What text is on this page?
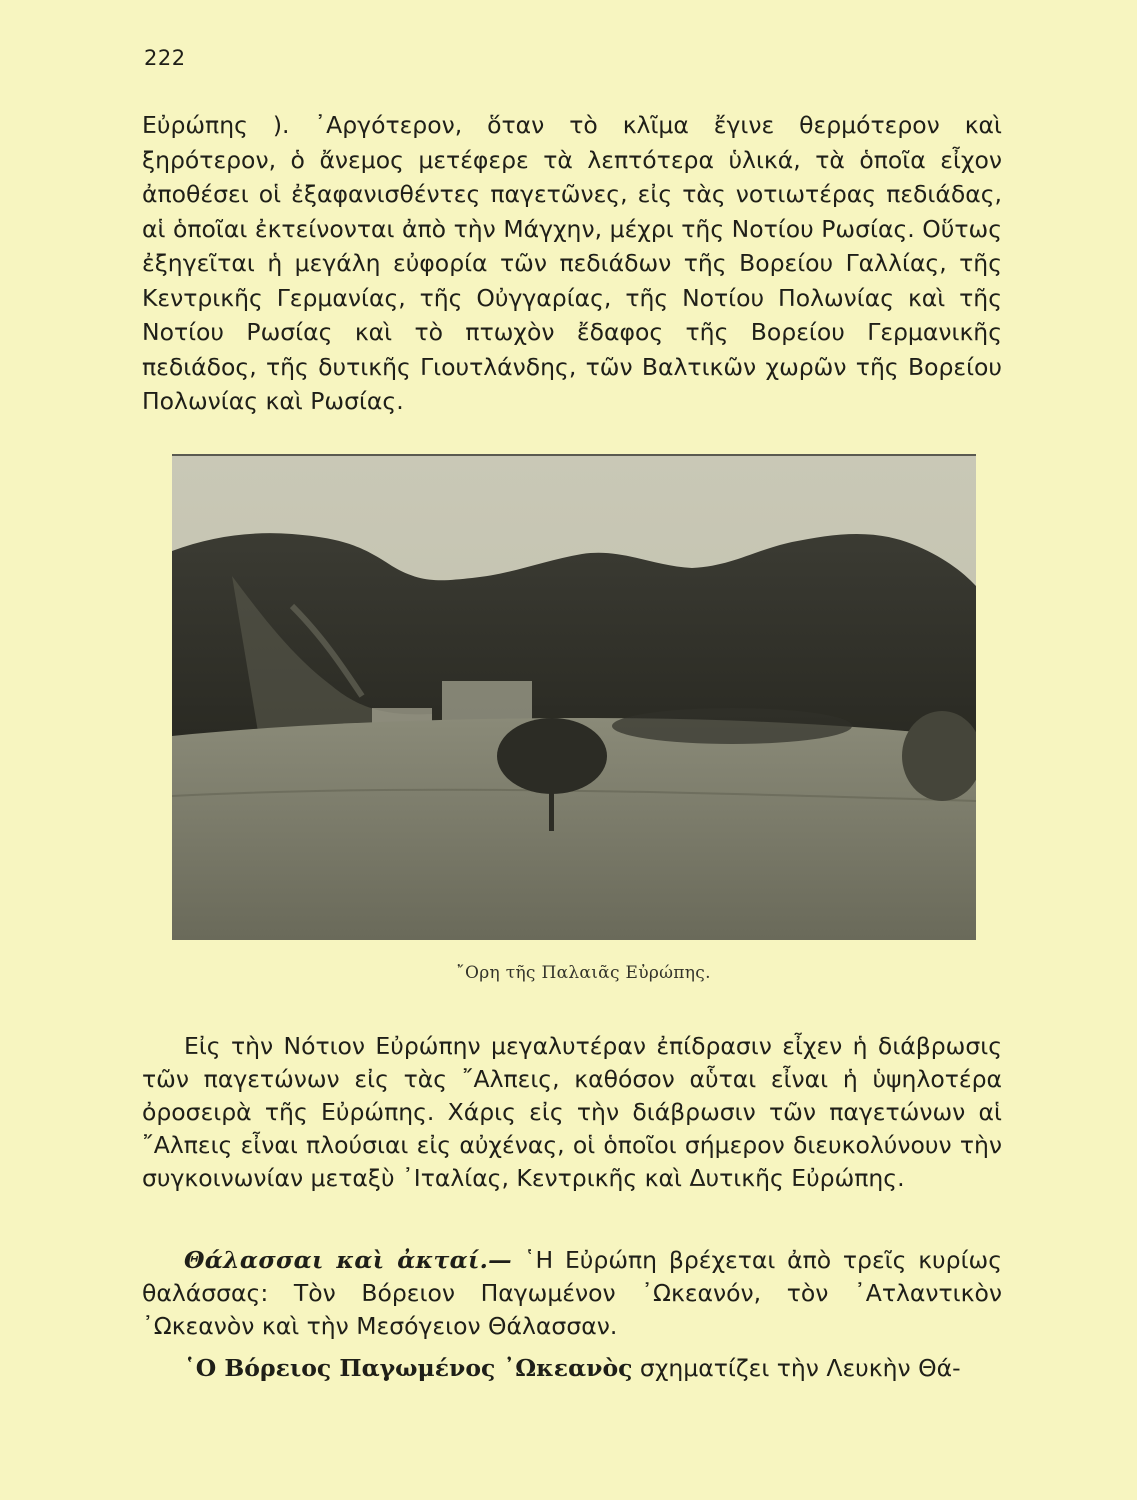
222
Εὐρώπης ). ᾿Αργότερον, ὅταν τὸ κλῖμα ἔγινε θερμότερον καὶ ξηρότερον, ὁ ἄνεμος μετέφερε τὰ λεπτότερα ὑλικά, τὰ ὁποῖα εἶχον ἀποθέσει οἱ ἐξαφανισθέντες παγετῶνες, εἰς τὰς νοτιωτέρας πεδιάδας, αἱ ὁποῖαι ἐκτείνονται ἀπὸ τὴν Μάγχην, μέχρι τῆς Νοτίου Ρωσίας. Οὕτως ἐξηγεῖται ἡ μεγάλη εὐφορία τῶν πεδιάδων τῆς Βορείου Γαλλίας, τῆς Κεντρικῆς Γερμανίας, τῆς Οὐγγαρίας, τῆς Νοτίου Πολωνίας καὶ τῆς Νοτίου Ρωσίας καὶ τὸ πτωχὸν ἔδαφος τῆς Βορείου Γερμανικῆς πεδιάδος, τῆς δυτικῆς Γιουτλάνδης, τῶν Βαλτικῶν χωρῶν τῆς Βορείου Πολωνίας καὶ Ρωσίας.
῎Ορη τῆς Παλαιᾶς Εὐρώπης.

Εἰς τὴν Νότιον Εὐρώπην μεγαλυτέραν ἐπίδρασιν εἶχεν ἡ διάβρωσις τῶν παγετώνων εἰς τὰς ῎Αλπεις, καθόσον αὗται εἶναι ἡ ὑψηλοτέρα ὀροσειρὰ τῆς Εὐρώπης. Χάρις εἰς τὴν διάβρωσιν τῶν παγετώνων αἱ ῎Αλπεις εἶναι πλούσιαι εἰς αὐχένας, οἱ ὁποῖοι σήμερον διευκολύνουν τὴν συγκοινωνίαν μεταξὺ ᾿Ιταλίας, Κεντρικῆς καὶ Δυτικῆς Εὐρώπης.

Θάλασσαι καὶ ἀκταί.— ῾Η Εὐρώπη βρέχεται ἀπὸ τρεῖς κυρίως θαλάσσας: Τὸν Βόρειον Παγωμένον ᾿Ωκεανόν, τὸν ᾿Ατλαντικὸν ᾿Ωκεανὸν καὶ τὴν Μεσόγειον Θάλασσαν.

῾Ο Βόρειος Παγωμένος ᾿Ωκεανὸς σχηματίζει τὴν Λευκὴν Θά-
